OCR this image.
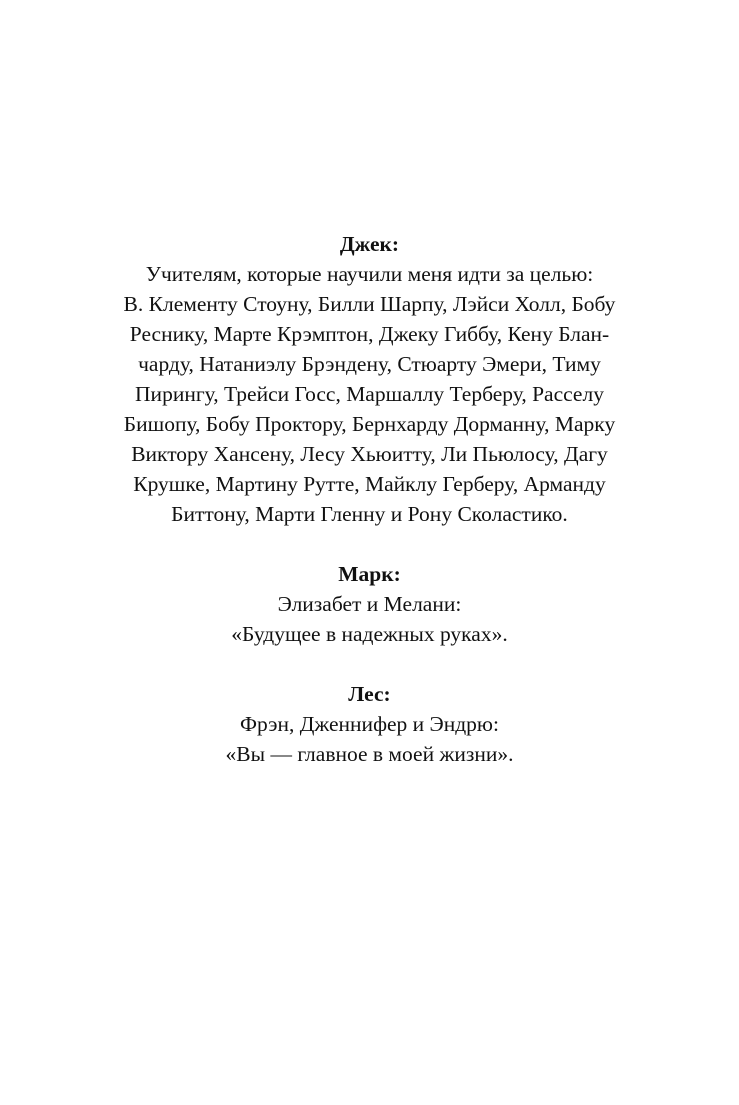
Джек:
Учителям, которые научили меня идти за целью:
В. Клементу Стоуну, Билли Шарпу, Лэйси Холл, Бобу
Реснику, Марте Крэмптон, Джеку Гиббу, Кену Блан-
чарду, Натаниэлу Брэндену, Стюарту Эмери, Тиму
Пирингу, Трейси Госс, Маршаллу Терберу, Расселу
Бишопу, Бобу Проктору, Бернхарду Дорманну, Марку
Виктору Хансену, Лесу Хьюитту, Ли Пьюлосу, Дагу
Крушке, Мартину Рутте, Майклу Герберу, Арманду
Биттону, Марти Гленну и Рону Сколастико.
Марк:
Элизабет и Мелани:
«Будущее в надежных руках».
Лес:
Фрэн, Дженнифер и Эндрю:
«Вы — главное в моей жизни».
